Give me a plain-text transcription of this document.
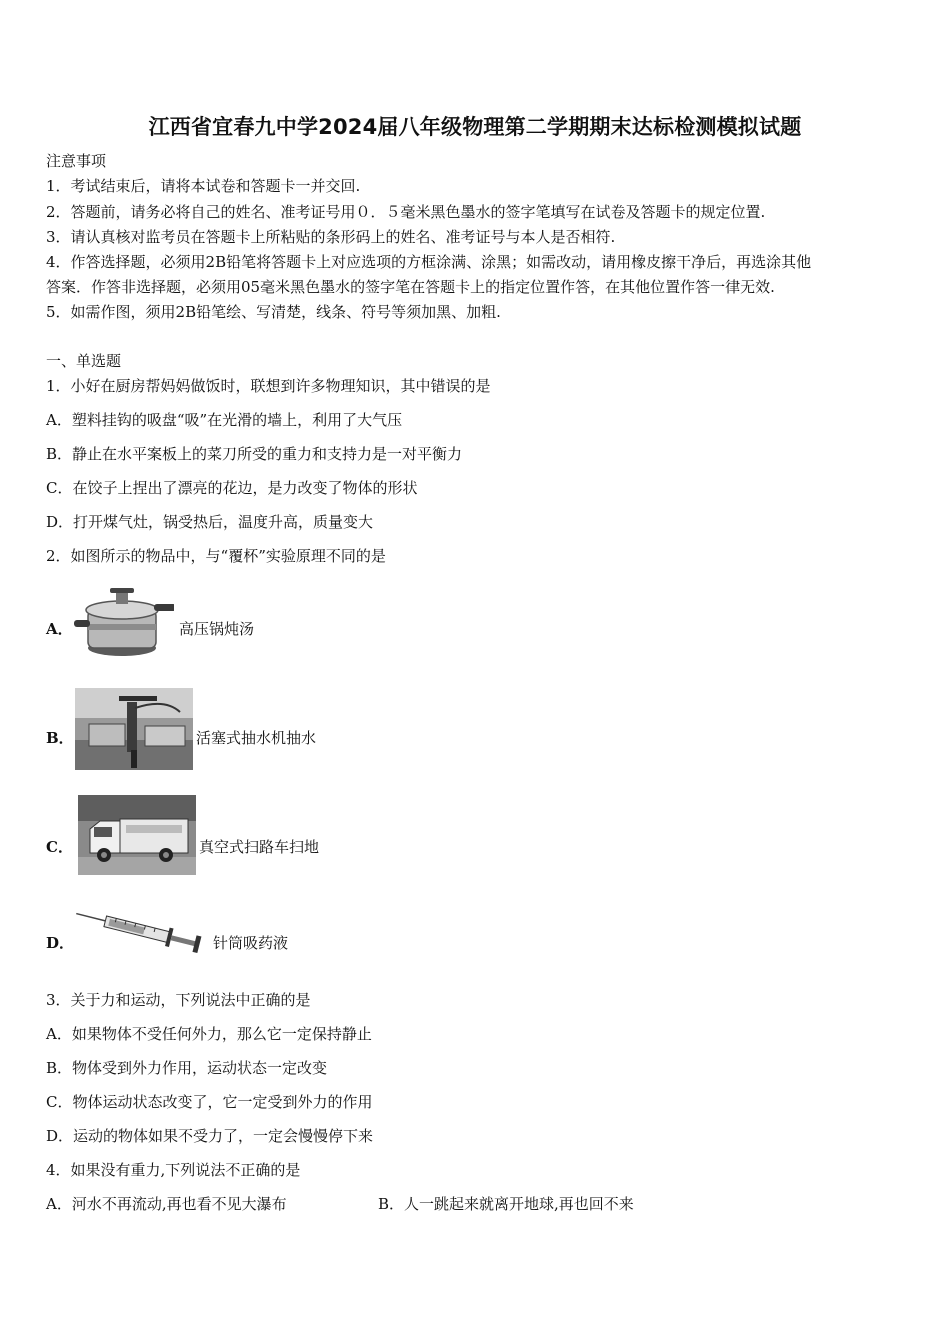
江西省宜春九中学2024届八年级物理第二学期期末达标检测模拟试题
注意事项
1．考试结束后，请将本试卷和答题卡一并交回.
2．答题前，请务必将自己的姓名、准考证号用０．５毫米黑色墨水的签字笔填写在试卷及答题卡的规定位置.
3．请认真核对监考员在答题卡上所粘贴的条形码上的姓名、准考证号与本人是否相符.
4．作答选择题，必须用2B铅笔将答题卡上对应选项的方框涂满、涂黑；如需改动，请用橡皮擦干净后，再选涂其他
答案．作答非选择题，必须用05毫米黑色墨水的签字笔在答题卡上的指定位置作答，在其他位置作答一律无效.
5．如需作图，须用2B铅笔绘、写清楚，线条、符号等须加黑、加粗.
一、单选题
1．小好在厨房帮妈妈做饭时，联想到许多物理知识，其中错误的是
A．塑料挂钩的吸盘“吸”在光滑的墙上，利用了大气压
B．静止在水平案板上的菜刀所受的重力和支持力是一对平衡力
C．在饺子上捏出了漂亮的花边，是力改变了物体的形状
D．打开煤气灶，锅受热后，温度升高，质量变大
2．如图所示的物品中，与“覆杯”实验原理不同的是
A．	高压锅炖汤
B．	活塞式抽水机抽水
C．	真空式扫路车扫地
D．	针筒吸药液
3．关于力和运动，下列说法中正确的是
A．如果物体不受任何外力，那么它一定保持静止
B．物体受到外力作用，运动状态一定改变
C．物体运动状态改变了，它一定受到外力的作用
D．运动的物体如果不受力了，一定会慢慢停下来
4．如果没有重力,下列说法不正确的是
A．河水不再流动,再也看不见大瀑布	B．人一跳起来就离开地球,再也回不来
